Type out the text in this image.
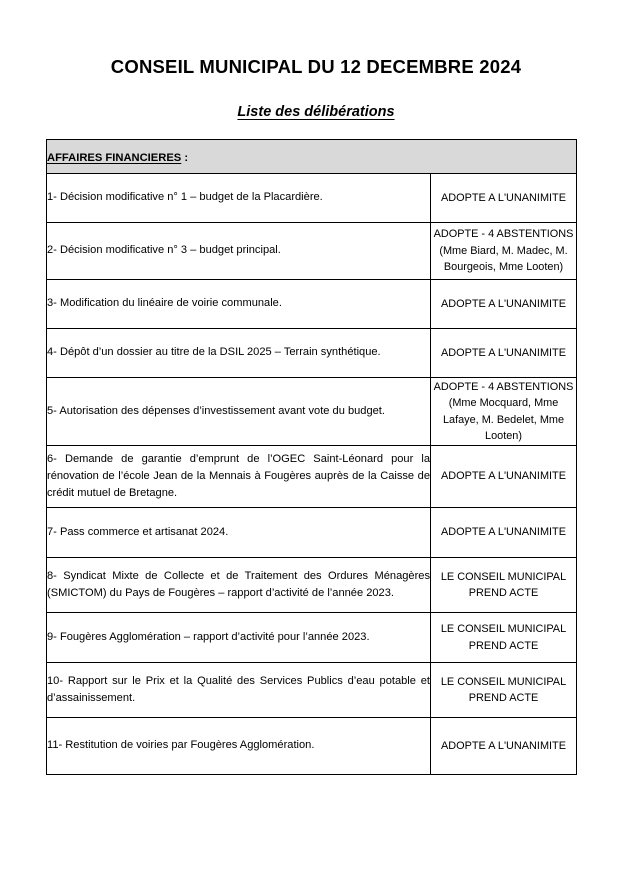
CONSEIL MUNICIPAL DU 12 DECEMBRE 2024
Liste des délibérations
AFFAIRES FINANCIERES :	
1- Décision modificative n° 1 – budget de la Placardière.	ADOPTE A L'UNANIMITE
2- Décision modificative n° 3 – budget principal.	ADOPTE - 4 ABSTENTIONS (Mme Biard, M. Madec, M. Bourgeois, Mme Looten)
3- Modification du linéaire de voirie communale.	ADOPTE A L'UNANIMITE
4- Dépôt d’un dossier au titre de la DSIL 2025 – Terrain synthétique.	ADOPTE A L'UNANIMITE
5- Autorisation des dépenses d’investissement avant vote du budget.	ADOPTE - 4 ABSTENTIONS (Mme Mocquard, Mme Lafaye, M. Bedelet, Mme Looten)
6- Demande de garantie d’emprunt de l’OGEC Saint-Léonard pour la rénovation de l’école Jean de la Mennais à Fougères auprès de la Caisse de crédit mutuel de Bretagne.	ADOPTE A L'UNANIMITE
7- Pass commerce et artisanat 2024.	ADOPTE A L'UNANIMITE
8- Syndicat Mixte de Collecte et de Traitement des Ordures Ménagères (SMICTOM) du Pays de Fougères – rapport d’activité de l’année 2023.	LE CONSEIL MUNICIPAL PREND ACTE
9- Fougères Agglomération – rapport d’activité pour l’année 2023.	LE CONSEIL MUNICIPAL PREND ACTE
10- Rapport sur le Prix et la Qualité des Services Publics d’eau potable et d’assainissement.	LE CONSEIL MUNICIPAL PREND ACTE
11- Restitution de voiries par Fougères Agglomération.	ADOPTE A L'UNANIMITE
